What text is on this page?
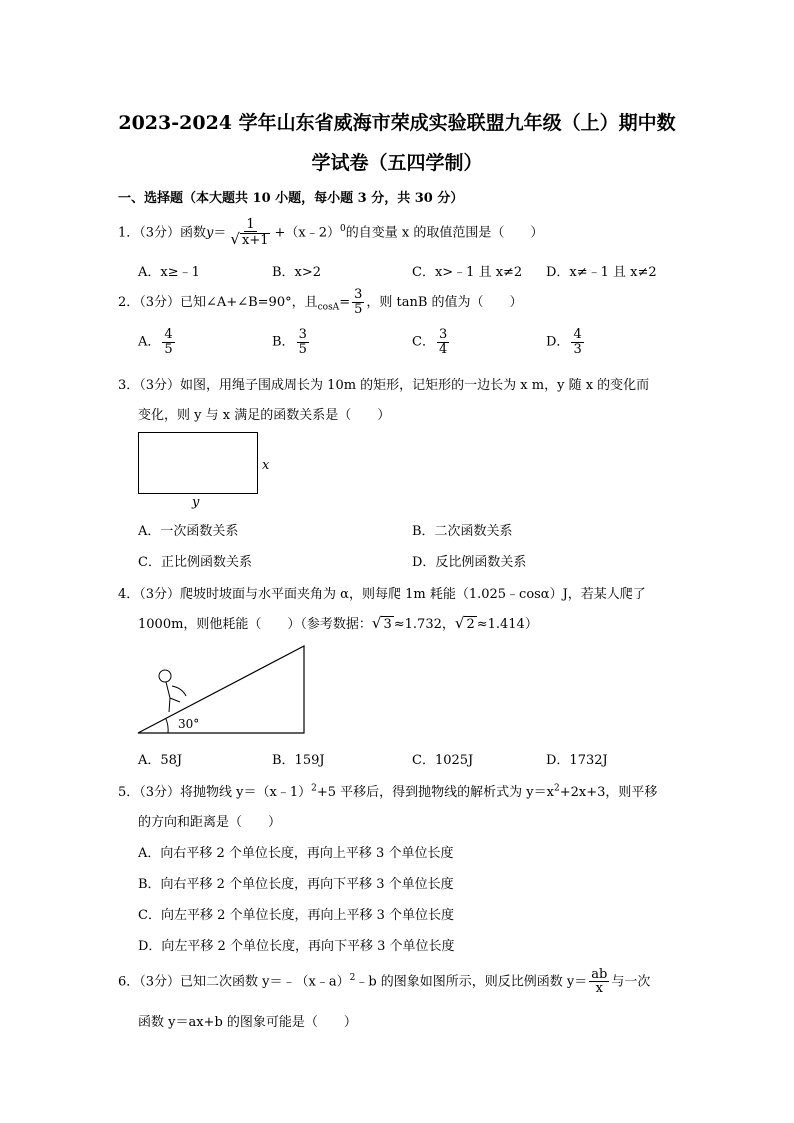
2023-2024 学年山东省威海市荣成实验联盟九年级（上）期中数
学试卷（五四学制）
一、选择题（本大题共 10 小题，每小题 3 分，共 30 分）
1．（3分）函数$y= \frac{1}{√ x+1}$ +（x﹣2）$^0$的自变量 x 的取值范围是（　　）
A．x≥﹣1	B．x>2	C．x>﹣1 且 x≠2 D．x≠﹣1 且 x≠2
2．（3分）已知∠A+∠B=90°，且$_{cosA}= \frac{3}{5}$ ，则 tanB 的值为（　　）
A． $\frac{4}{5}$	B． $\frac{3}{5}$	C． $\frac{3}{4}$	D． $\frac{4}{3}$
3．（3分）如图，用绳子围成周长为 10m 的矩形，记矩形的一边长为 x m，y 随 x 的变化而
变化，则 y 与 x 满足的函数关系是（　　）
x
y
A．一次函数关系	B．二次函数关系
C．正比例函数关系	D．反比例函数关系
4．（3分）爬坡时坡面与水平面夹角为 α，则每爬 1m 耗能（1.025﹣cosα）J，若某人爬了
1000m，则他耗能（　　）（参考数据：√ 3 ≈1.732，√ 2 ≈1.414）
30°
A．58J	B．159J	C．1025J	D．1732J
5．（3分）将抛物线 y＝（x﹣1）$^2$+5 平移后，得到抛物线的解析式为 $y=x^2+2x+3$，则平移
的方向和距离是（　　）
A．向右平移 2 个单位长度，再向上平移 3 个单位长度
B．向右平移 2 个单位长度，再向下平移 3 个单位长度
C．向左平移 2 个单位长度，再向上平移 3 个单位长度
D．向左平移 2 个单位长度，再向下平移 3 个单位长度
6．（3分）已知二次函数 y＝﹣（x﹣a）$^2$﹣b 的图象如图所示，则反比例函数 $y= \frac{ab}{x}$ 与一次
函数 y＝ax+b 的图象可能是（　　）
